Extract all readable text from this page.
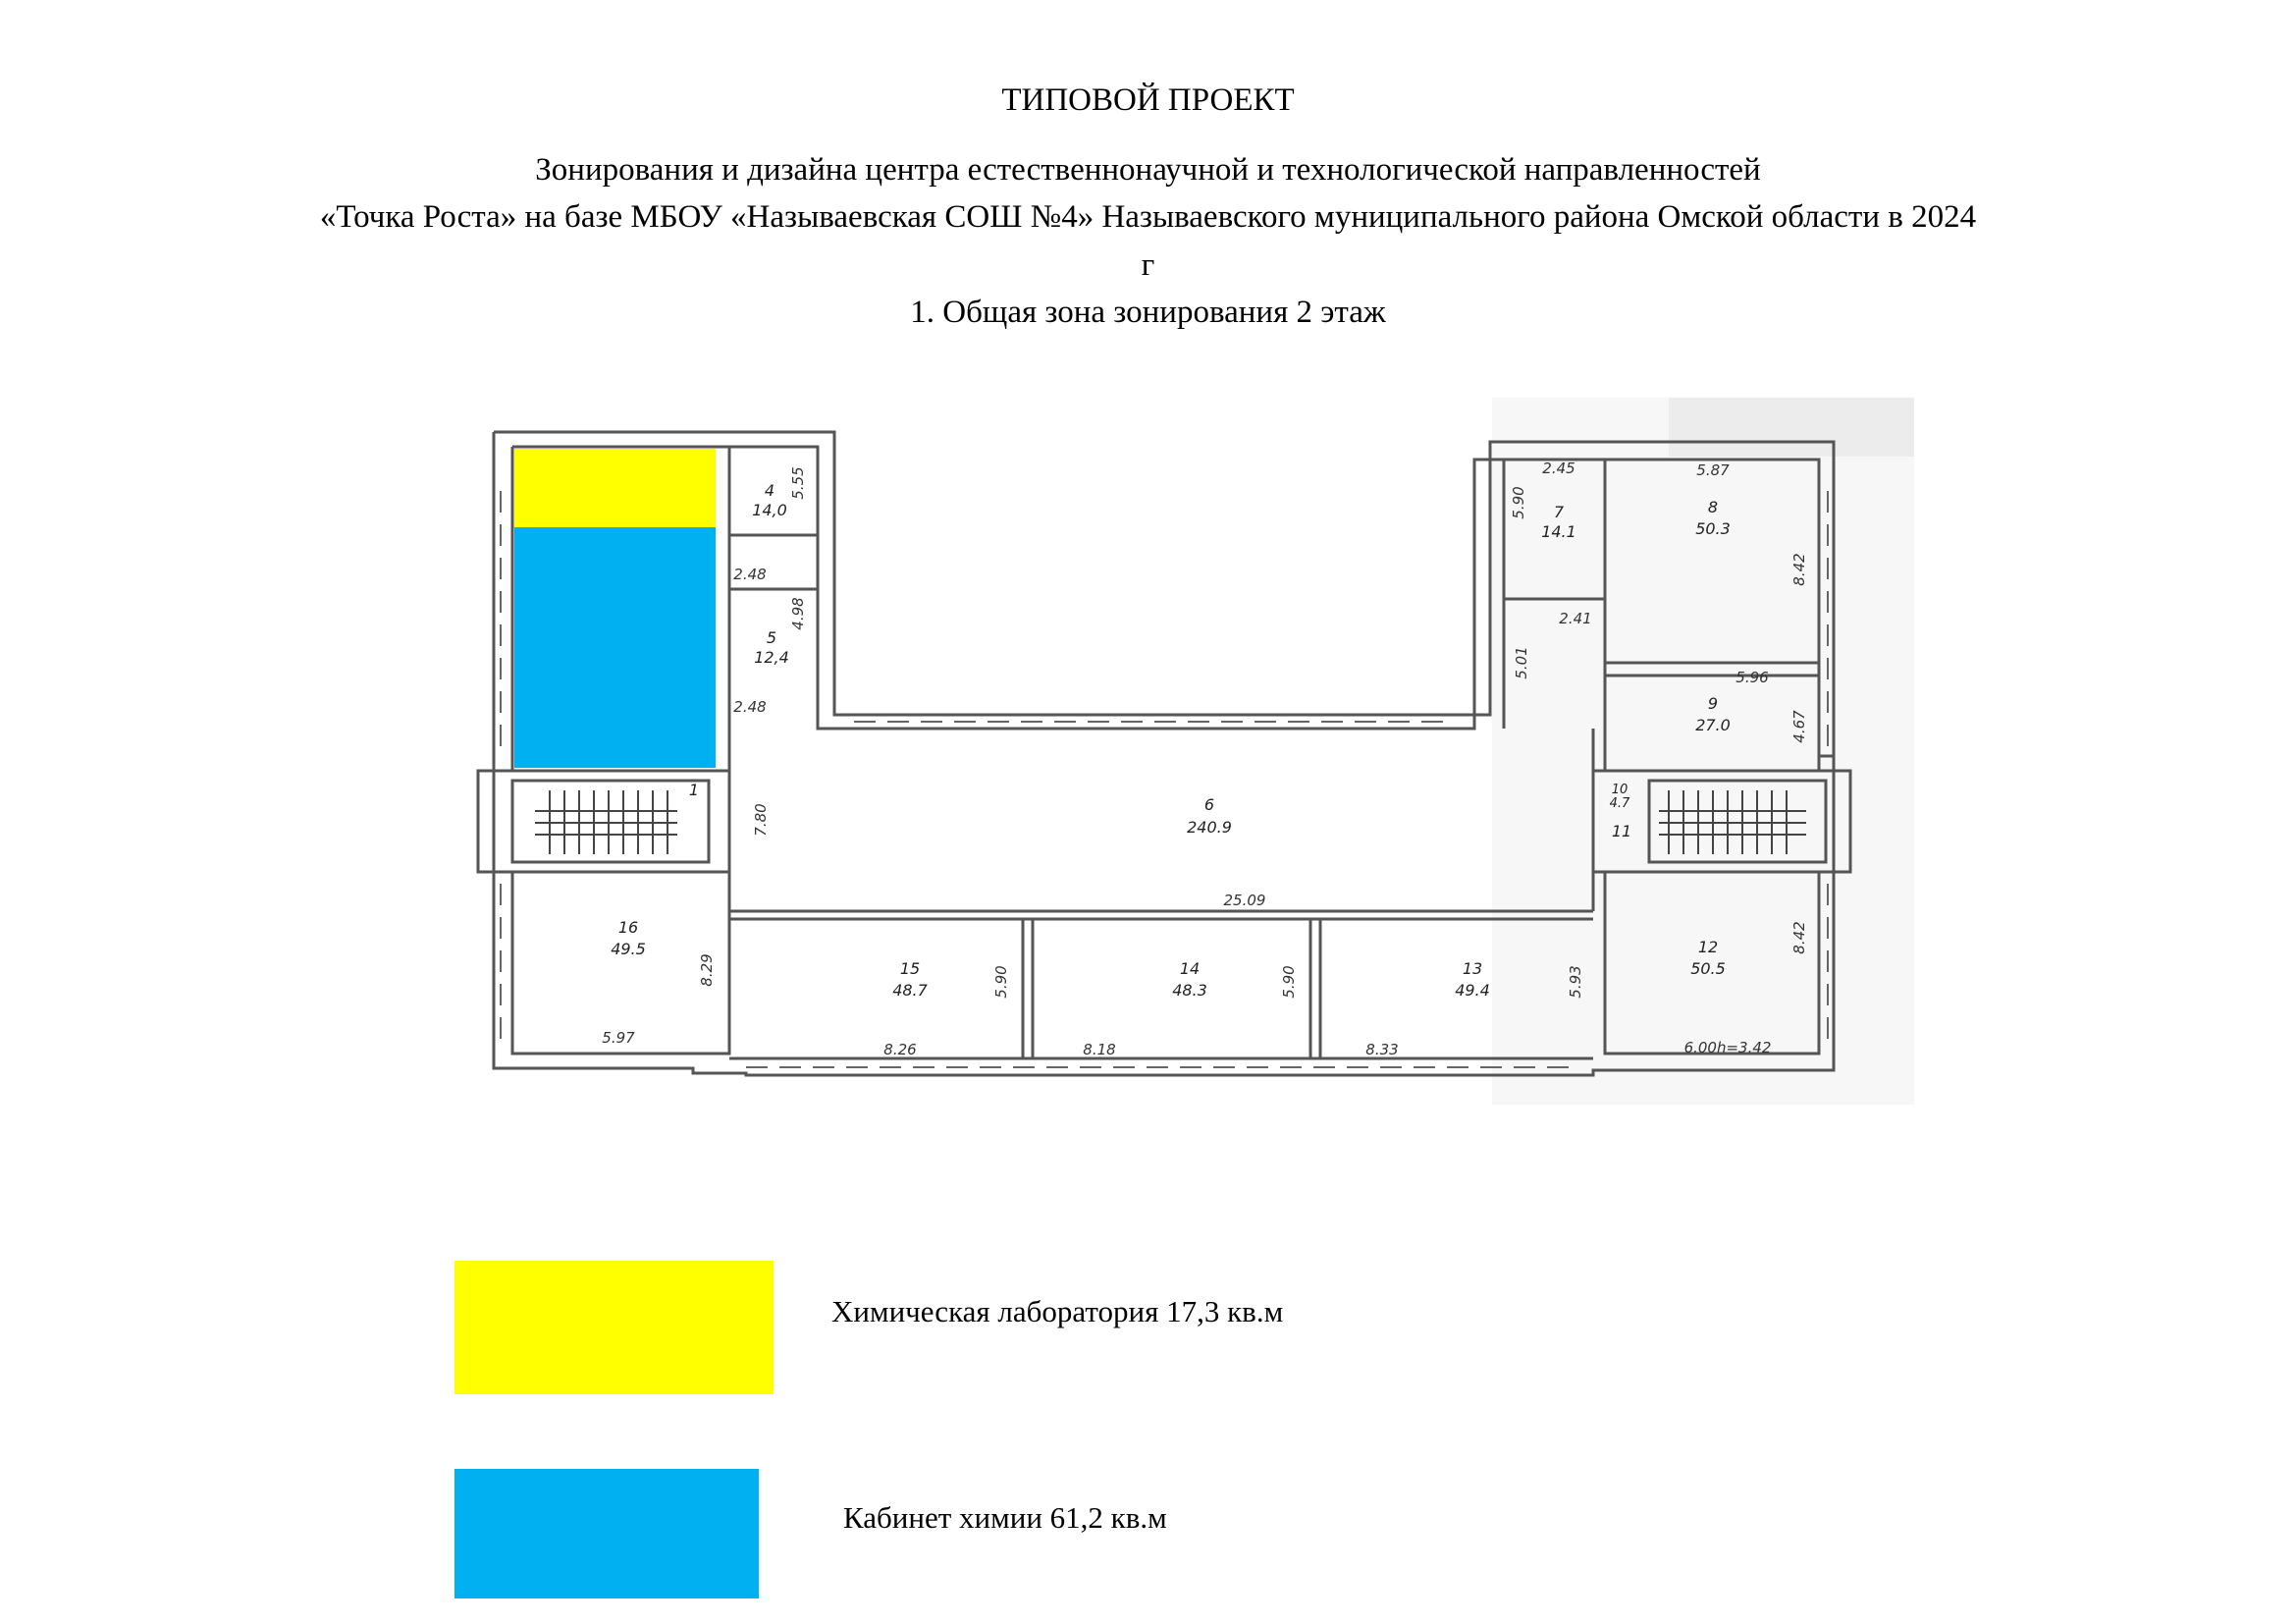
ТИПОВОЙ ПРОЕКТ
Зонирования и дизайна центра естественнонаучной и технологической направленностей
«Точка Роста» на базе МБОУ «Называевская СОШ №4» Называевского муниципального района Омской области в 2024
г
1. Общая зона зонирования 2 этаж
4
14,0
5
12,4
1
16
49.5
6
240.9
15
48.7
14
48.3
13
49.4
7
14.1
8
50.3
9
27.0
12
50.5
10
4.7
11
5.55
2.48
4.98
2.48
7.80
8.29
5.97
8.26	8.18	8.33
5.90	5.90	5.93
25.09
2.45
5.90
2.41
5.01
5.87
8.42
5.96
4.67
8.42
6.00h=3.42
Химическая лаборатория 17,3 кв.м
Кабинет химии 61,2 кв.м
